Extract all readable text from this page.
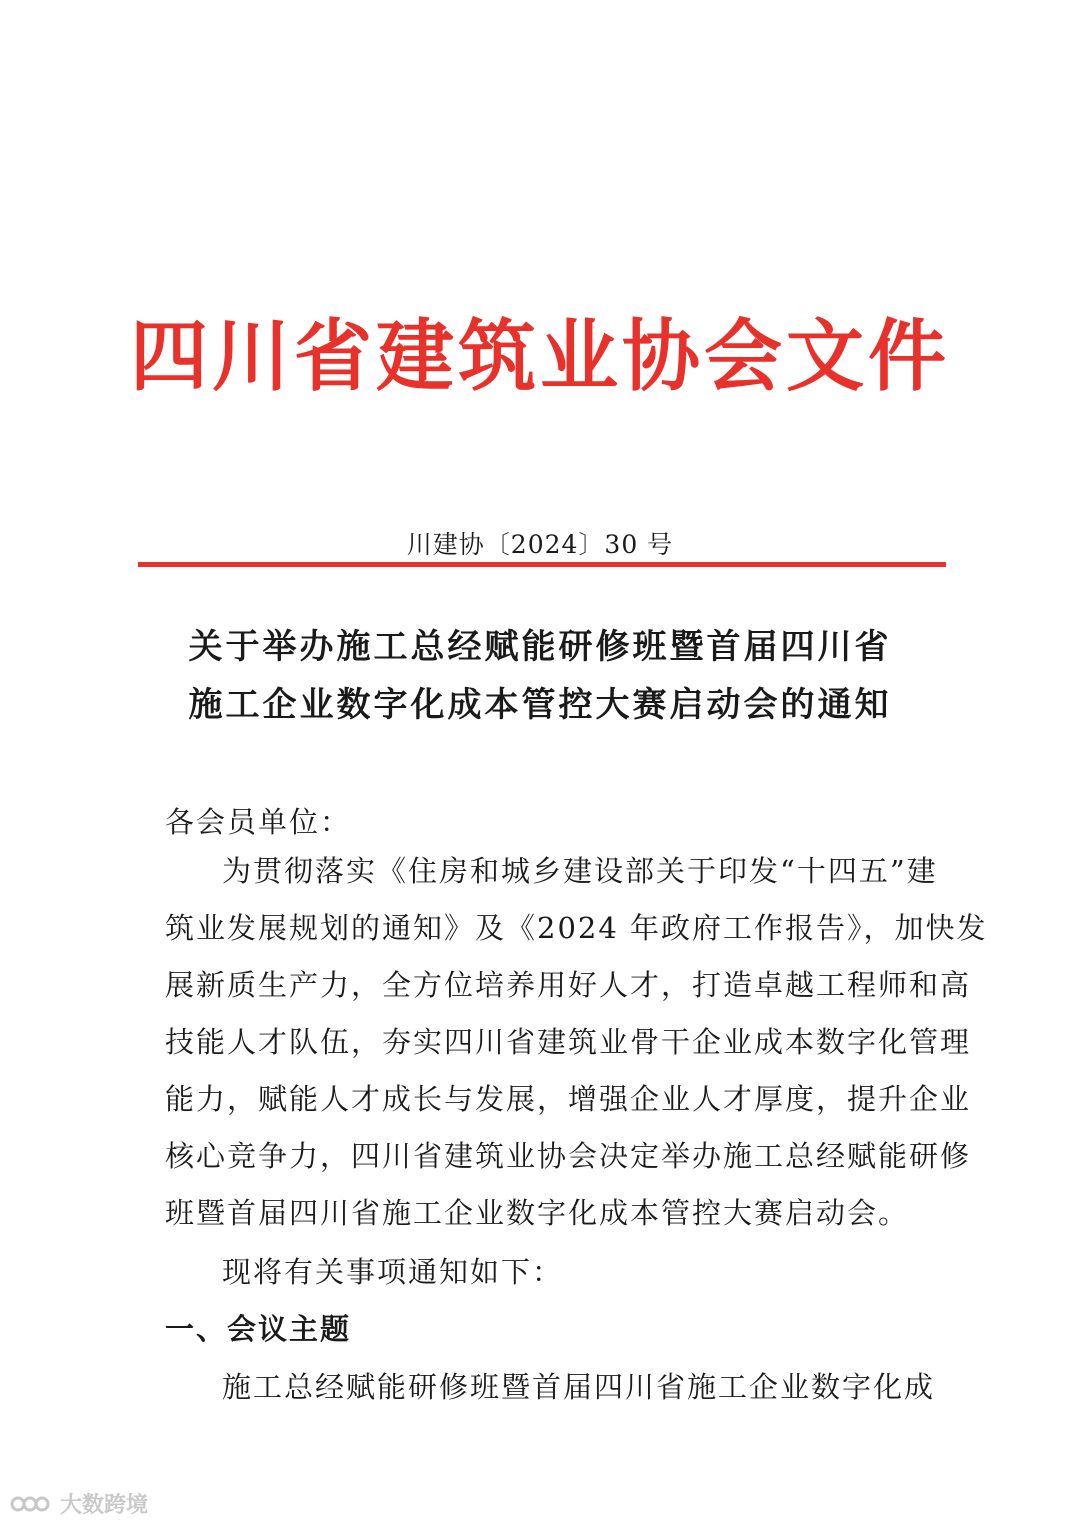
四川省建筑业协会文件
川建协〔2024〕30 号
关于举办施工总经赋能研修班暨首届四川省
施工企业数字化成本管控大赛启动会的通知
各会员单位：
为贯彻落实《住房和城乡建设部关于印发“十四五”建
筑业发展规划的通知》及《2024 年政府工作报告》，加快发
展新质生产力，全方位培养用好人才，打造卓越工程师和高
技能人才队伍，夯实四川省建筑业骨干企业成本数字化管理
能力，赋能人才成长与发展，增强企业人才厚度，提升企业
核心竞争力，四川省建筑业协会决定举办施工总经赋能研修
班暨首届四川省施工企业数字化成本管控大赛启动会。
现将有关事项通知如下：
一、会议主题
施工总经赋能研修班暨首届四川省施工企业数字化成
大数跨境
